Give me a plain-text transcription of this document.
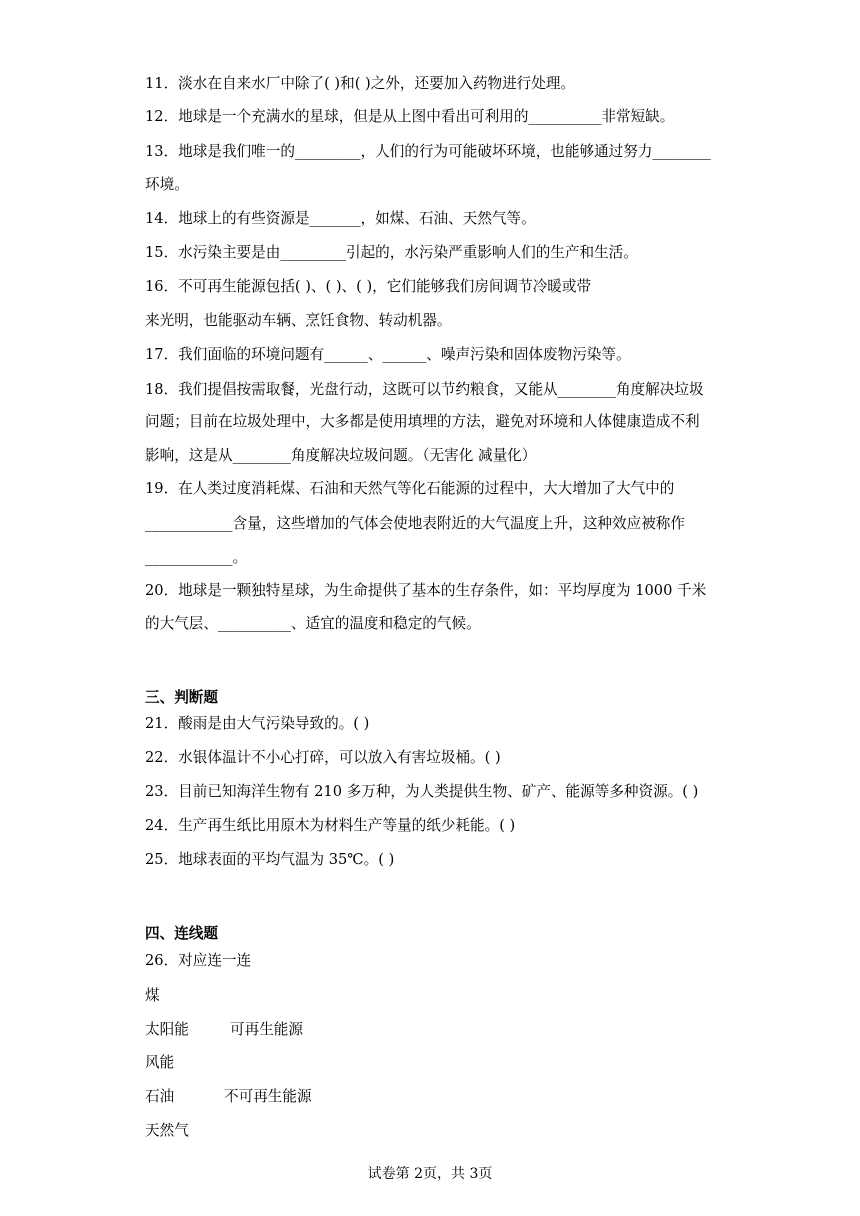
11．淡水在自来水厂中除了( )和( )之外，还要加入药物进行处理。
12．地球是一个充满水的星球，但是从上图中看出可利用的__________非常短缺。
13．地球是我们唯一的_________，人们的行为可能破坏环境，也能够通过努力________
环境。
14．地球上的有些资源是_______，如煤、石油、天然气等。
15．水污染主要是由_________引起的，水污染严重影响人们的生产和生活。
16．不可再生能源包括( )、( )、( )，它们能够我们房间调节冷暖或带
来光明，也能驱动车辆、烹饪食物、转动机器。
17．我们面临的环境问题有______、______、噪声污染和固体废物污染等。
18．我们提倡按需取餐，光盘行动，这既可以节约粮食，又能从________角度解决垃圾
问题；目前在垃圾处理中，大多都是使用填埋的方法，避免对环境和人体健康造成不利
影响，这是从________角度解决垃圾问题。（无害化 减量化）
19．在人类过度消耗煤、石油和天然气等化石能源的过程中，大大增加了大气中的
____________含量，这些增加的气体会使地表附近的大气温度上升，这种效应被称作
____________。
20．地球是一颗独特星球，为生命提供了基本的生存条件，如：平均厚度为 1000 千米
的大气层、__________、适宜的温度和稳定的气候。
三、判断题
21．酸雨是由大气污染导致的。( )
22．水银体温计不小心打碎，可以放入有害垃圾桶。( )
23．目前已知海洋生物有 210 多万种，为人类提供生物、矿产、能源等多种资源。( )
24．生产再生纸比用原木为材料生产等量的纸少耗能。( )
25．地球表面的平均气温为 35℃。( )
四、连线题
26．对应连一连
煤
太阳能	可再生能源
风能
石油	不可再生能源
天然气
试卷第 2页，共 3页
